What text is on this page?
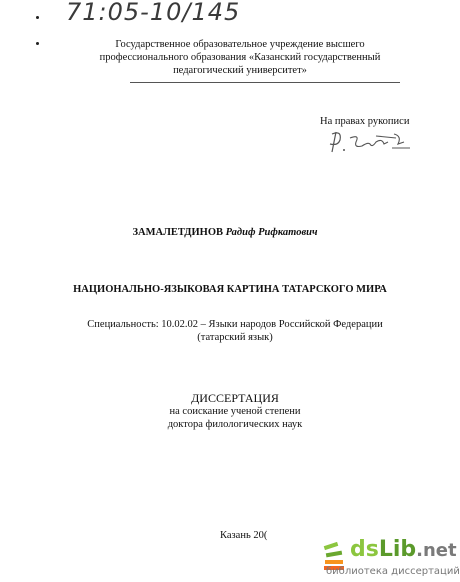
71:05-10/145
Государственное образовательное учреждение высшего
профессионального образования «Казанский государственный
педагогический университет»
На правах рукописи
ЗАМАЛЕТДИНОВ Радиф Рифкатович
НАЦИОНАЛЬНО-ЯЗЫКОВАЯ КАРТИНА ТАТАРСКОГО МИРА
Специальность: 10.02.02 – Языки народов Российской Федерации
(татарский язык)
ДИССЕРТАЦИЯ
на соискание ученой степени
доктора филологических наук
Казань 20(
dsLib.net
библиотека диссертаций
